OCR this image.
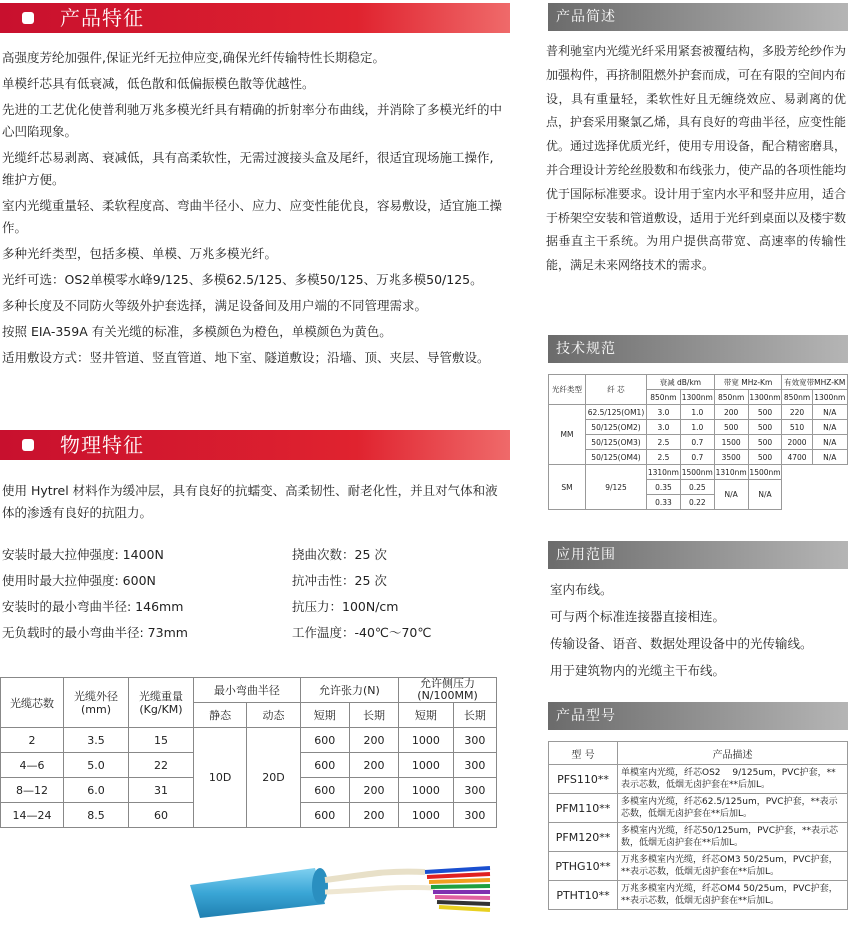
产品特征

高强度芳纶加强件,保证光纤无拉伸应变,确保光纤传输特性长期稳定。

单模纤芯具有低衰减，低色散和低偏振模色散等优越性。

先进的工艺优化使普利驰万兆多模光纤具有精确的折射率分布曲线，并消除了多模光纤的中心凹陷现象。

光缆纤芯易剥离、衰减低，具有高柔软性，无需过渡接头盒及尾纤，很适宜现场施工操作,维护方便。

室内光缆重量轻、柔软程度高、弯曲半径小、应力、应变性能优良，容易敷设，适宜施工操作。

多种光纤类型，包括多模、单模、万兆多模光纤。

光纤可选：OS2单模零水峰9/125、多模62.5/125、多模50/125、万兆多模50/125。

多种长度及不同防火等级外护套选择，满足设备间及用户端的不同管理需求。

按照 EIA-359A 有关光缆的标准，多模颜色为橙色，单模颜色为黄色。

适用敷设方式：竖井管道、竖直管道、地下室、隧道敷设；沿墙、顶、夹层、导管敷设。

物理特征
使用 Hytrel 材料作为缓冲层，具有良好的抗蠕变、高柔韧性、耐老化性，并且对气体和液体的渗透有良好的抗阻力。
安装时最大拉伸强度: 1400N	挠曲次数：25 次
使用时最大拉伸强度: 600N	抗冲击性：25 次
安装时的最小弯曲半径: 146mm	抗压力：100N/cm
无负载时的最小弯曲半径: 73mm	工作温度：-40℃～70℃
光缆芯数	光缆外径
(mm)	光缆重量
(Kg/KM)	最小弯曲半径		允许张力(N)		允许侧压力
(N/100MM)	
			静态	动态	短期	长期	短期	长期
2	3.5	15	10D	20D	600	200	1000	300
4—6	5.0	22			600	200	1000	300
8—12	6.0	31			600	200	1000	300
14—24	8.5	60			600	200	1000	300
产品简述
普利驰室内光缆光纤采用紧套被覆结构，多股芳纶纱作为加强构件，再挤制阻燃外护套而成，可在有限的空间内布设，具有重量轻，柔软性好且无缠绕效应、易剥离的优点，护套采用聚氯乙烯，具有良好的弯曲半径，应变性能优。通过选择优质光纤，使用专用设备，配合精密磨具，并合理设计芳纶丝股数和布线张力，使产品的各项性能均优于国际标准要求。设计用于室内水平和竖井应用，适合于桥架空安装和管道敷设，适用于光纤到桌面以及楼宇数据垂直主干系统。为用户提供高带宽、高速率的传输性能，满足未来网络技术的需求。
技术规范
光纤类型	纤 芯	衰减 dB/km		带宽 MHz-Km		有效宽带MHZ-KM	
		850nm	1300nm	850nm	1300nm	850nm	1300nm
MM	62.5/125(OM1)	3.0	1.0	200	500	220	N/A
	50/125(OM2)	3.0	1.0	500	500	510	N/A
	50/125(OM3)	2.5	0.7	1500	500	2000	N/A
	50/125(OM4)	2.5	0.7	3500	500	4700	N/A
SM	9/125	1310nm	1500nm	1310nm	1500nm		
		0.35	0.25	N/A	N/A		
		0.33	0.22				
应用范围

室内布线。

可与两个标准连接器直接相连。

传输设备、语音、数据处理设备中的光传输线。

用于建筑物内的光缆主干布线。

产品型号
型 号	产品描述
PFS110**	单模室内光缆，纤芯OS2　 9/125um，PVC护套，**表示芯数，低烟无卤护套在**后加L。
PFM110**	多模室内光缆，纤芯62.5/125um，PVC护套，**表示芯数，低烟无卤护套在**后加L。
PFM120**	多模室内光缆，纤芯50/125um，PVC护套，**表示芯数，低烟无卤护套在**后加L。
PTHG10**	万兆多模室内光缆，纤芯OM3 50/25um，PVC护套，**表示芯数，低烟无卤护套在**后加L。
PTHT10**	万兆多模室内光缆，纤芯OM4 50/25um，PVC护套，**表示芯数，低烟无卤护套在**后加L。
